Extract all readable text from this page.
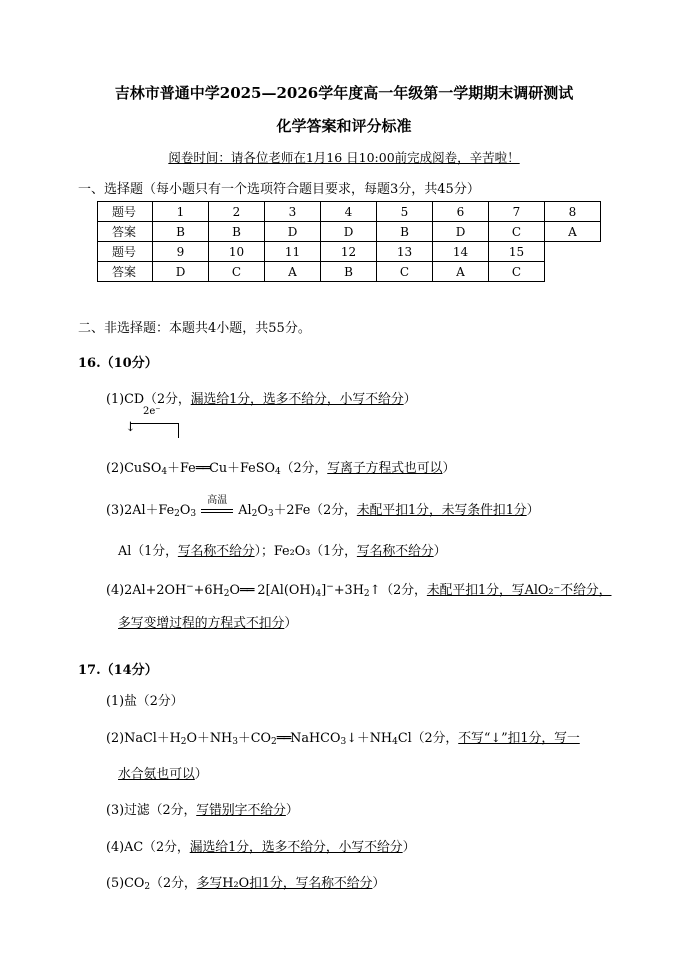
吉林市普通中学2025—2026学年度高一年级第一学期期末调研测试
化学答案和评分标准
阅卷时间：请各位老师在1月16 日10:00前完成阅卷，辛苦啦！
一、选择题（每小题只有一个选项符合题目要求，每题3分，共45分）
题号	1	2	3	4	5	6	7	8
答案	B	B	D	D	B	D	C	A
题号	9	10	11	12	13	14	15	
答案	D	C	A	B	C	A	C	
二、非选择题：本题共4小题，共55分。
16.（10分）
(1)CD（2分，漏选给1分，选多不给分，小写不给分）
2e⁻
↓
(2)CuSO$_4$＋Fe══Cu＋FeSO$_4$（2分，写离子方程式也可以）
$(3)2Al+Fe_2O_3$
高温
$Al_2O_3+2Fe(2$分，未配平扣1分，未写条件扣1分）
Al（1分，写名称不给分）；Fe₂O₃（1分，写名称不给分）
$(4)2Al+2OH^-+6H_2O══$ $2[Al(OH)_4]^-+3H_2↑(2$分，未配平扣1分，写AlO₂⁻不给分，
多写变增过程的方程式不扣分）
17.（14分）
(1)盐（2分）
$(2)NaCl+H_2O+NH_3+CO_2══NaHCO_3↓+NH_4Cl(2$分，不写“↓”扣1分，写一
水合氨也可以）
(3)过滤（2分，写错别字不给分）
(4)AC（2分，漏选给1分，选多不给分，小写不给分）
$(5)CO_2(2$分，多写H₂O扣1分，写名称不给分）
